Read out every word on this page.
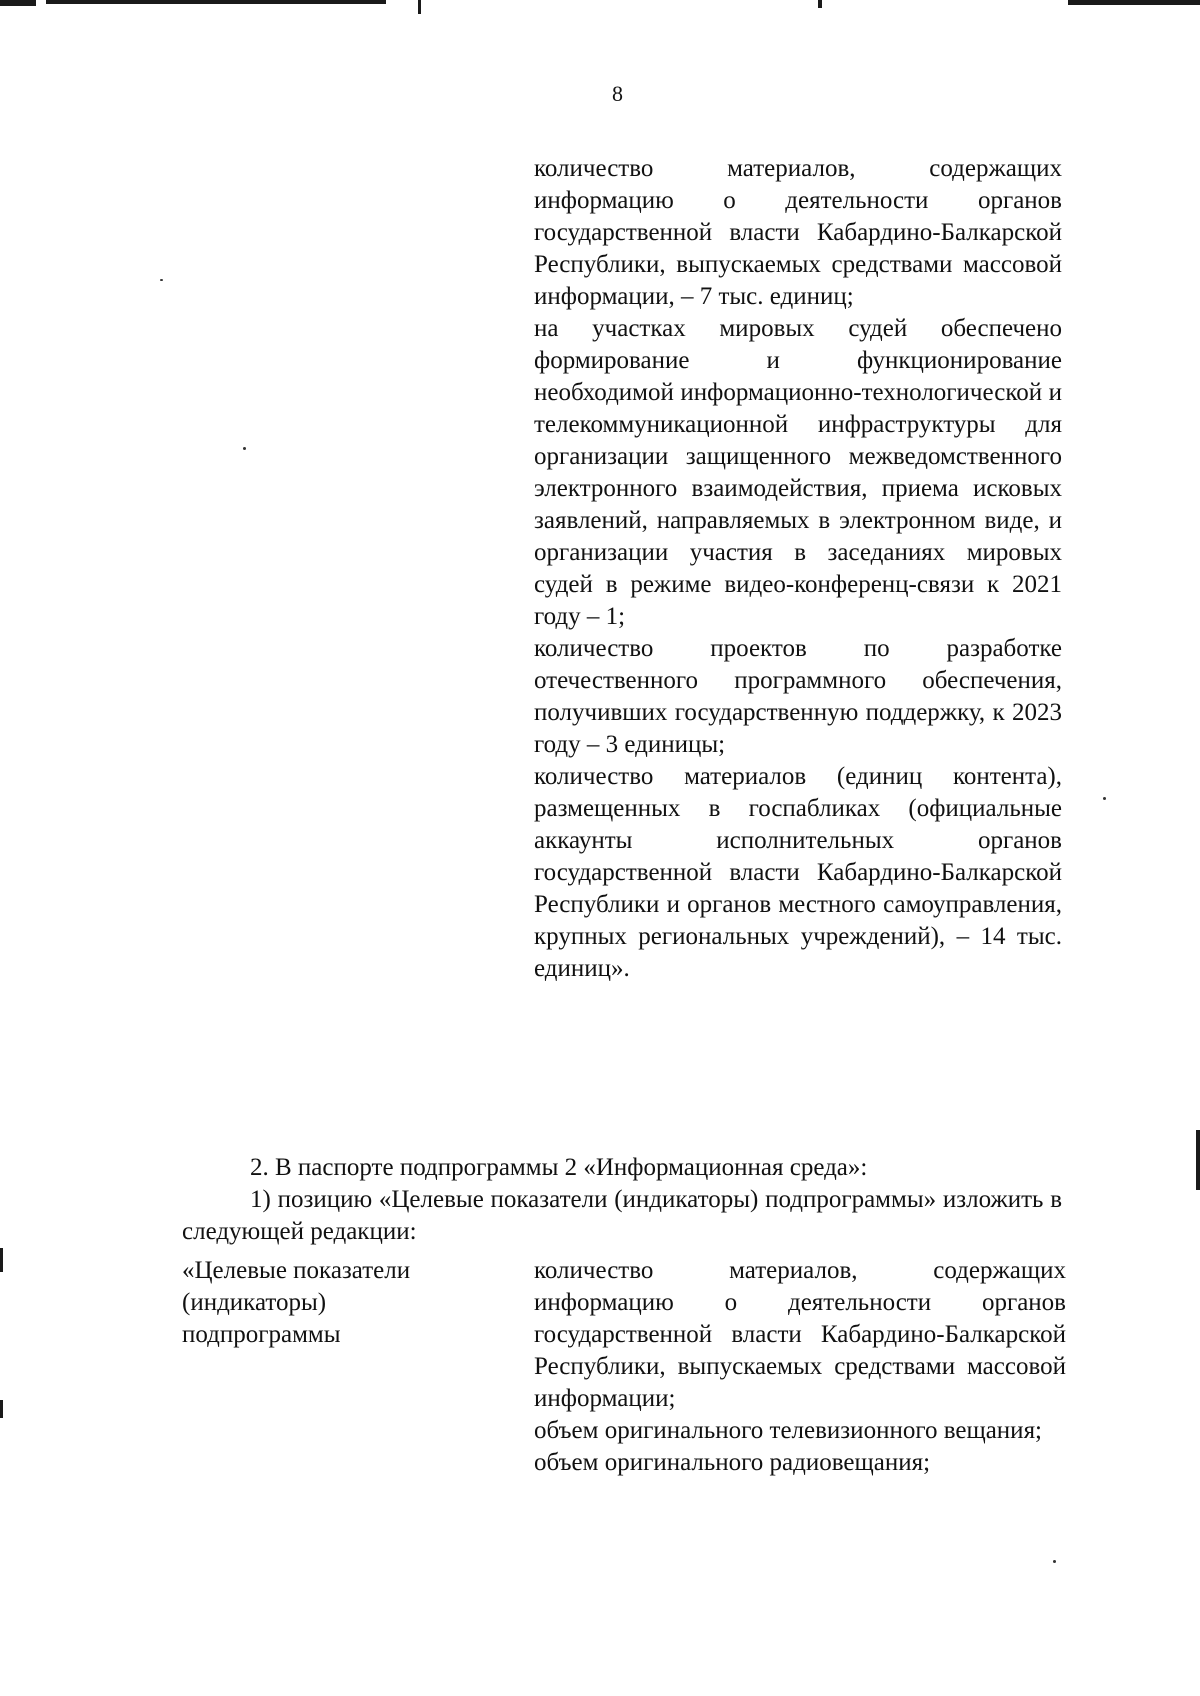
8

количество материалов, содержащих информацию о деятельности органов государственной власти Кабардино-Балкарской Республики, выпускаемых средствами массовой информации, – 7 тыс. единиц;

на участках мировых судей обеспечено формирование и функционирование необходимой информационно-технологической и телекоммуникационной инфраструктуры для организации защищенного межведомственного электронного взаимодействия, приема исковых заявлений, направляемых в электронном виде, и организации участия в заседаниях мировых судей в режиме видео-конференц-связи к 2021 году – 1;

количество проектов по разработке отечественного программного обеспечения, получивших государственную поддержку, к 2023 году – 3 единицы;

количество материалов (единиц контента), размещенных в госпабликах (официальные аккаунты исполнительных органов государственной власти Кабардино-Балкарской Республики и органов местного самоуправления, крупных региональных учреждений), – 14 тыс. единиц».

2. В паспорте подпрограммы 2 «Информационная среда»:

1) позицию «Целевые показатели (индикаторы) подпрограммы» изложить в следующей редакции:

«Целевые показатели
(индикаторы)
подпрограммы

количество материалов, содержащих информацию о деятельности органов государственной власти Кабардино-Балкарской Республики, выпускаемых средствами массовой информации;

объем оригинального телевизионного вещания;

объем оригинального радиовещания;
